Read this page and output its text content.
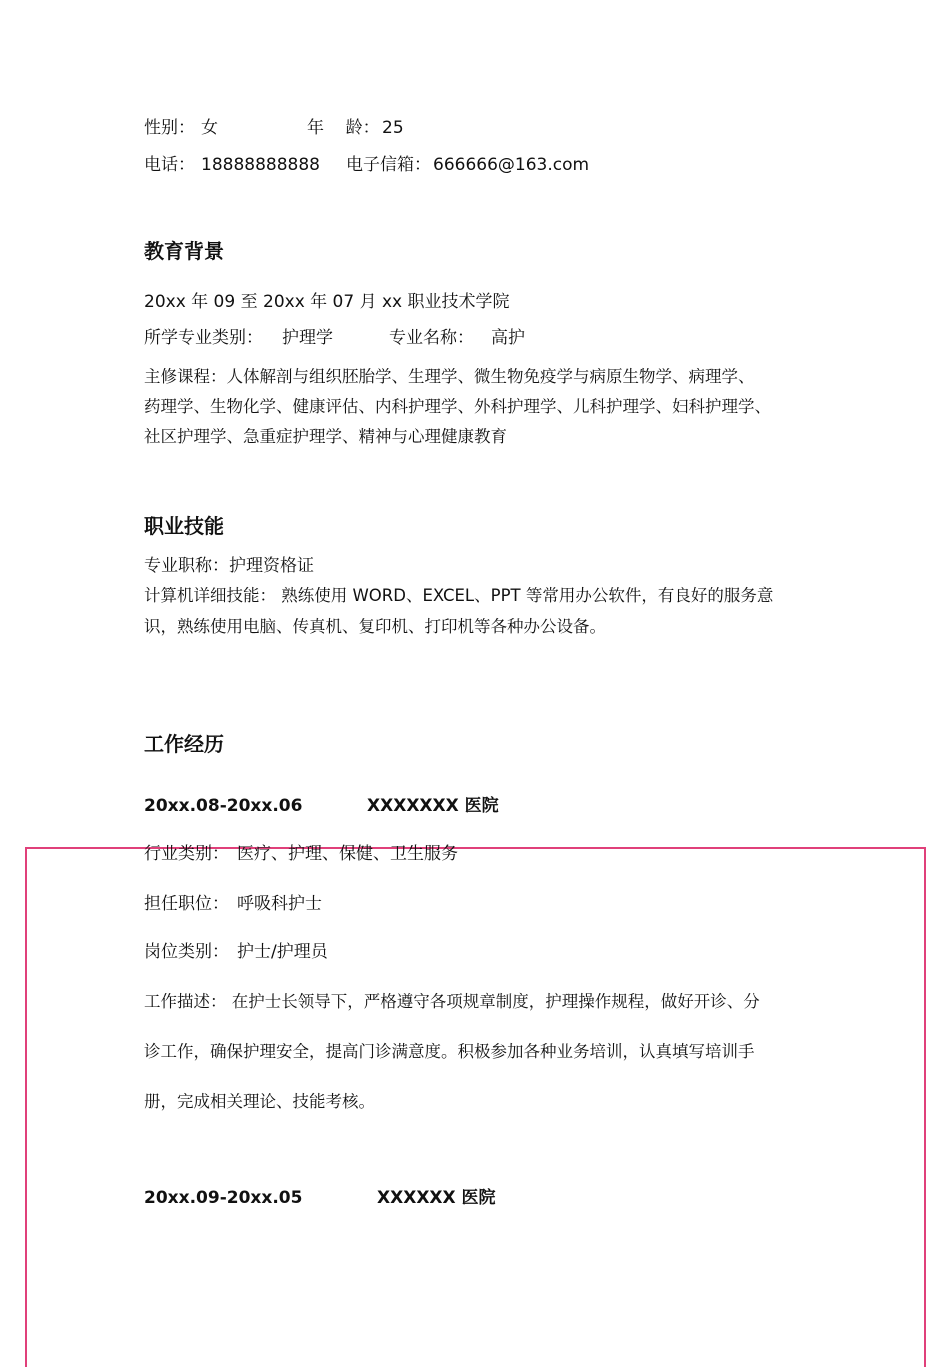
性别： 女	年    龄： 25
电话： 18888888888 电子信箱： 666666@163.com
教育背景
20xx 年 09 至 20xx 年 07 月 xx 职业技术学院
所学专业类别： 护理学	专业名称： 高护
主修课程：人体解剖与组织胚胎学、生理学、微生物免疫学与病原生物学、病理学、
药理学、生物化学、健康评估、内科护理学、外科护理学、儿科护理学、妇科护理学、
社区护理学、急重症护理学、精神与心理健康教育
职业技能
专业职称：护理资格证
计算机详细技能： 熟练使用 WORD、EXCEL、PPT 等常用办公软件，有良好的服务意
识，熟练使用电脑、传真机、复印机、打印机等各种办公设备。
工作经历
20xx.08-20xx.06	XXXXXXX 医院
行业类别： 医疗、护理、保健、卫生服务
担任职位： 呼吸科护士
岗位类别： 护士/护理员
工作描述： 在护士长领导下，严格遵守各项规章制度，护理操作规程，做好开诊、分
诊工作，确保护理安全，提高门诊满意度。积极参加各种业务培训，认真填写培训手
册，完成相关理论、技能考核。
20xx.09-20xx.05	XXXXXX 医院
